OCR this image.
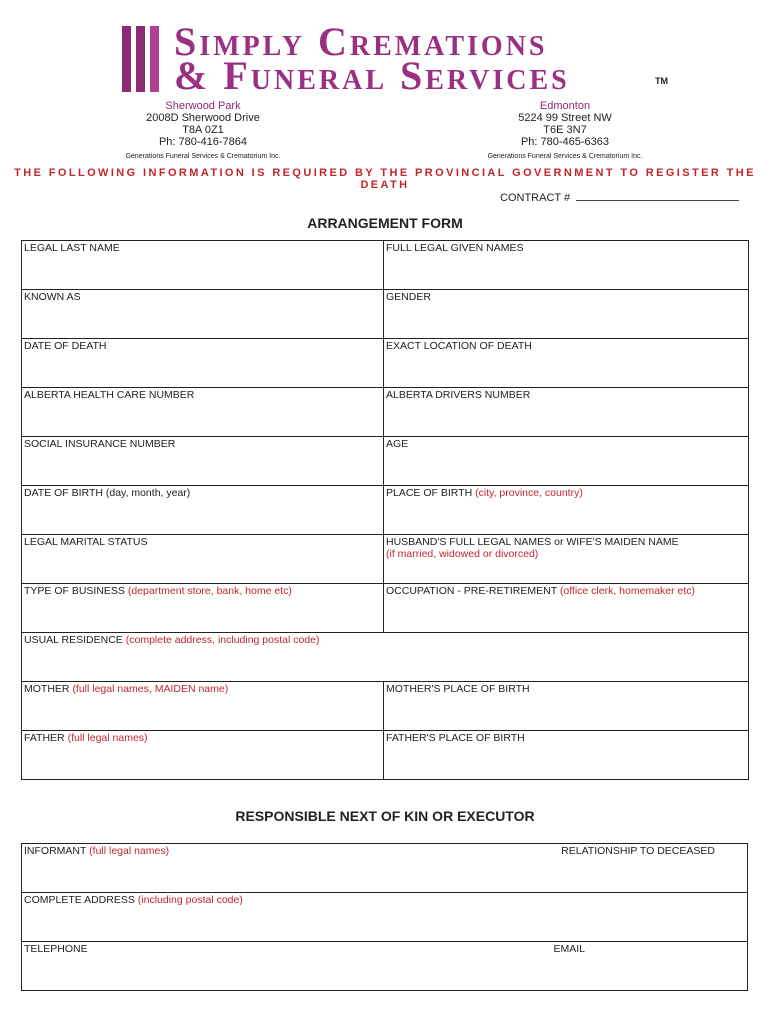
Simply Cremations
& Funeral Services	TM
Sherwood Park
2008D Sherwood Drive
T8A 0Z1
Ph: 780-416-7864
Generations Funeral Services & Crematorium Inc.
Edmonton
5224 99 Street NW
T6E 3N7
Ph: 780-465-6363
Generations Funeral Services & Crematorium Inc.
THE FOLLOWING INFORMATION IS REQUIRED BY THE PROVINCIAL GOVERNMENT TO REGISTER THE DEATH
CONTRACT #
ARRANGEMENT FORM
LEGAL LAST NAME	FULL LEGAL GIVEN NAMES
KNOWN AS	GENDER
DATE OF DEATH	EXACT LOCATION OF DEATH
ALBERTA HEALTH CARE NUMBER	ALBERTA DRIVERS NUMBER
SOCIAL INSURANCE NUMBER	AGE
DATE OF BIRTH (day, month, year)	PLACE OF BIRTH (city, province, country)
LEGAL MARITAL STATUS	HUSBAND'S FULL LEGAL NAMES or WIFE'S MAIDEN NAME
(if married, widowed or divorced)
TYPE OF BUSINESS (department store, bank, home etc)	OCCUPATION - PRE-RETIREMENT (office clerk, homemaker etc)
USUAL RESIDENCE (complete address, including postal code)	
MOTHER (full legal names, MAIDEN name)	MOTHER'S PLACE OF BIRTH
FATHER (full legal names)	FATHER'S PLACE OF BIRTH
RESPONSIBLE NEXT OF KIN OR EXECUTOR
INFORMANT (full legal names)	RELATIONSHIP TO DECEASED

COMPLETE ADDRESS (including postal code)
TELEPHONE	EMAIL
